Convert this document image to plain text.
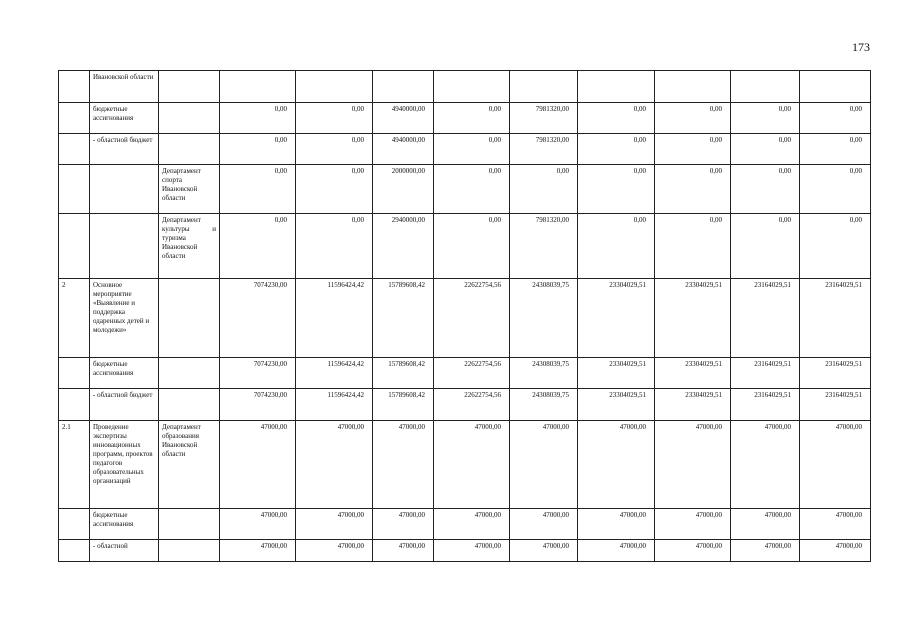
173
	Ивановской области										
	бюджетные ассигнования		0,00	0,00	4940000,00	0,00	7981320,00	0,00	0,00	0,00	0,00
	- областной бюджет		0,00	0,00	4940000,00	0,00	7981320,00	0,00	0,00	0,00	0,00
		Департамент спорта Ивановской области	0,00	0,00	2000000,00	0,00	0,00	0,00	0,00	0,00	0,00
		Департамент культуры и туризма Ивановской области	0,00	0,00	2940000,00	0,00	7981320,00	0,00	0,00	0,00	0,00
2	Основное мероприятие «Выявление и поддержка одаренных детей и молодежи»		7074230,00	11596424,42	15789608,42	22622754,56	24308039,75	23304029,51	23304029,51	23164029,51	23164029,51
	бюджетные ассигнования		7074230,00	11596424,42	15789608,42	22622754,56	24308039,75	23304029,51	23304029,51	23164029,51	23164029,51
	- областной бюджет		7074230,00	11596424,42	15789608,42	22622754,56	24308039,75	23304029,51	23304029,51	23164029,51	23164029,51
2.1	Проведение экспертизы инновационных программ, проектов педагогов образовательных организаций	Департамент образования Ивановской области	47000,00	47000,00	47000,00	47000,00	47000,00	47000,00	47000,00	47000,00	47000,00
	бюджетные ассигнования		47000,00	47000,00	47000,00	47000,00	47000,00	47000,00	47000,00	47000,00	47000,00
	- областной		47000,00	47000,00	47000,00	47000,00	47000,00	47000,00	47000,00	47000,00	47000,00
